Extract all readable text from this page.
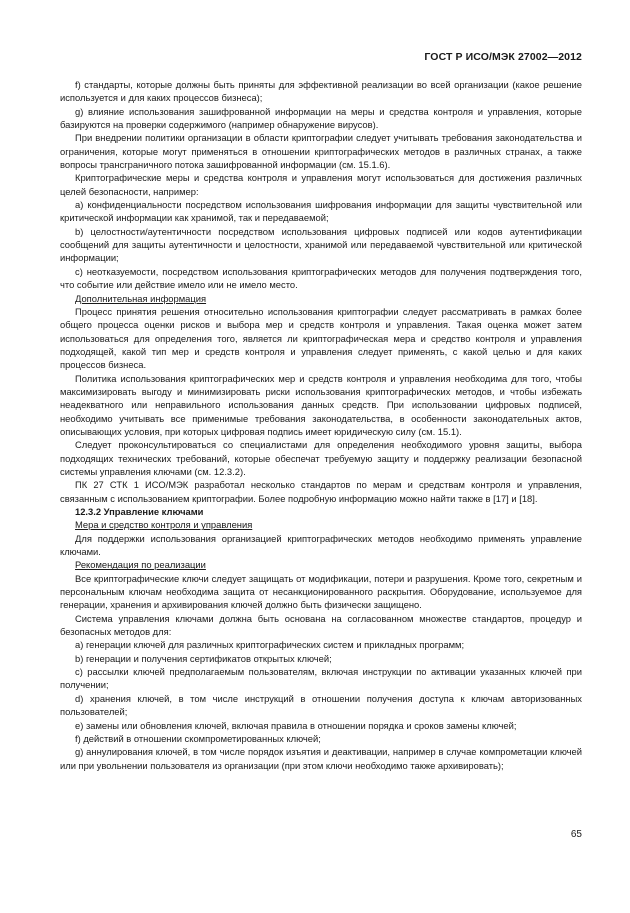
ГОСТ Р ИСО/МЭК 27002—2012

f) стандарты, которые должны быть приняты для эффективной реализации во всей организации (какое решение используется и для каких процессов бизнеса);

g) влияние использования зашифрованной информации на меры и средства контроля и управления, которые базируются на проверки содержимого (например обнаружение вирусов).

При внедрении политики организации в области криптографии следует учитывать требования законодательства и ограничения, которые могут применяться в отношении криптографических методов в различных странах, а также вопросы трансграничного потока зашифрованной информации (см. 15.1.6).

Криптографические меры и средства контроля и управления могут использоваться для достижения различных целей безопасности, например:

a) конфиденциальности посредством использования шифрования информации для защиты чувствительной или критической информации как хранимой, так и передаваемой;

b) целостности/аутентичности посредством использования цифровых подписей или кодов аутентификации сообщений для защиты аутентичности и целостности, хранимой или передаваемой чувствительной или критической информации;

c) неотказуемости, посредством использования криптографических методов для получения подтверждения того, что событие или действие имело или не имело место.

Дополнительная информация

Процесс принятия решения относительно использования криптографии следует рассматривать в рамках более общего процесса оценки рисков и выбора мер и средств контроля и управления. Такая оценка может затем использоваться для определения того, является ли криптографическая мера и средство контроля и управления подходящей, какой тип мер и средств контроля и управления следует применять, с какой целью и для каких процессов бизнеса.

Политика использования криптографических мер и средств контроля и управления необходима для того, чтобы максимизировать выгоду и минимизировать риски использования криптографических методов, и чтобы избежать неадекватного или неправильного использования данных средств. При использовании цифровых подписей, необходимо учитывать все применимые требования законодательства, в особенности законодательных актов, описывающих условия, при которых цифровая подпись имеет юридическую силу (см. 15.1).

Следует проконсультироваться со специалистами для определения необходимого уровня защиты, выбора подходящих технических требований, которые обеспечат требуемую защиту и поддержку реализации безопасной системы управления ключами (см. 12.3.2).

ПК 27 СТК 1 ИСО/МЭК разработал несколько стандартов по мерам и средствам контроля и управления, связанным с использованием криптографии. Более подробную информацию можно найти также в [17] и [18].

12.3.2 Управление ключами

Мера и средство контроля и управления

Для поддержки использования организацией криптографических методов необходимо применять управление ключами.

Рекомендация по реализации

Все криптографические ключи следует защищать от модификации, потери и разрушения. Кроме того, секретным и персональным ключам необходима защита от несанкционированного раскрытия. Оборудование, используемое для генерации, хранения и архивирования ключей должно быть физически защищено.

Система управления ключами должна быть основана на согласованном множестве стандартов, процедур и безопасных методов для:

a) генерации ключей для различных криптографических систем и прикладных программ;

b) генерации и получения сертификатов открытых ключей;

c) рассылки ключей предполагаемым пользователям, включая инструкции по активации указанных ключей при получении;

d) хранения ключей, в том числе инструкций в отношении получения доступа к ключам авторизованных пользователей;

e) замены или обновления ключей, включая правила в отношении порядка и сроков замены ключей;

f) действий в отношении скомпрометированных ключей;

g) аннулирования ключей, в том числе порядок изъятия и деактивации, например в случае компрометации ключей или при увольнении пользователя из организации (при этом ключи необходимо также архивировать);

65
